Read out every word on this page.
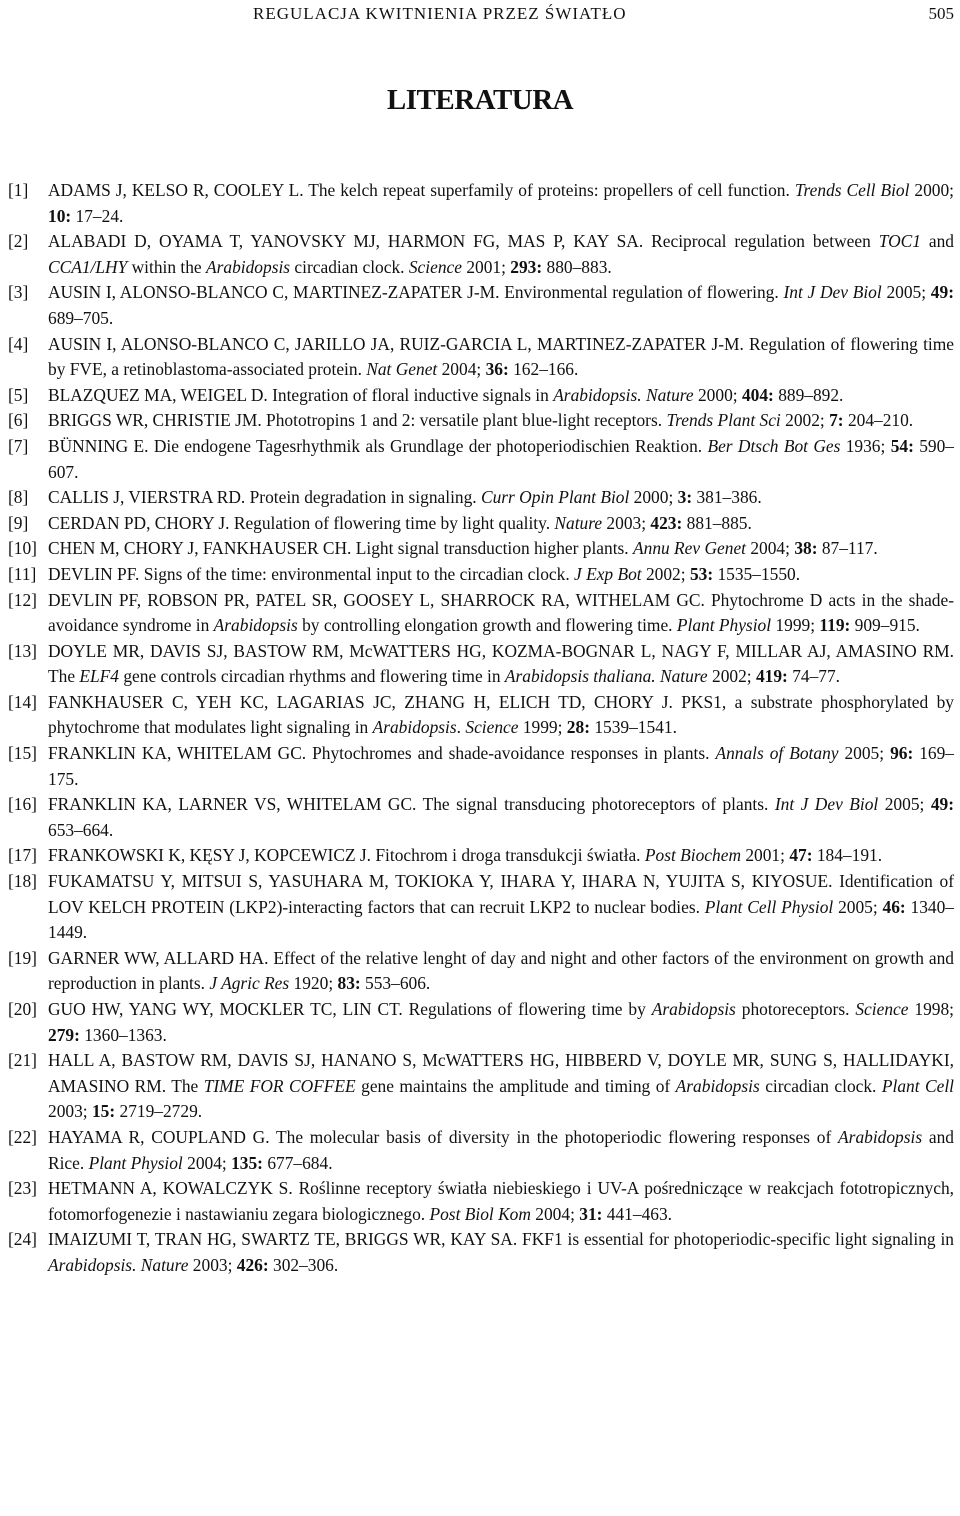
REGULACJA KWITNIENIA PRZEZ ŚWIATŁO	505
LITERATURA
[1] ADAMS J, KELSO R, COOLEY L. The kelch repeat superfamily of proteins: propellers of cell function. Trends Cell Biol 2000; 10: 17–24.
[2] ALABADI D, OYAMA T, YANOVSKY MJ, HARMON FG, MAS P, KAY SA. Reciprocal regulation between TOC1 and CCA1/LHY within the Arabidopsis circadian clock. Science 2001; 293: 880–883.
[3] AUSIN I, ALONSO-BLANCO C, MARTINEZ-ZAPATER J-M. Environmental regulation of flowering. Int J Dev Biol 2005; 49: 689–705.
[4] AUSIN I, ALONSO-BLANCO C, JARILLO JA, RUIZ-GARCIA L, MARTINEZ-ZAPATER J-M. Regulation of flowering time by FVE, a retinoblastoma-associated protein. Nat Genet 2004; 36: 162–166.
[5] BLAZQUEZ MA, WEIGEL D. Integration of floral inductive signals in Arabidopsis. Nature 2000; 404: 889–892.
[6] BRIGGS WR, CHRISTIE JM. Phototropins 1 and 2: versatile plant blue-light receptors. Trends Plant Sci 2002; 7: 204–210.
[7] BÜNNING E. Die endogene Tagesrhythmik als Grundlage der photoperiodischien Reaktion. Ber Dtsch Bot Ges 1936; 54: 590–607.
[8] CALLIS J, VIERSTRA RD. Protein degradation in signaling. Curr Opin Plant Biol 2000; 3: 381–386.
[9] CERDAN PD, CHORY J. Regulation of flowering time by light quality. Nature 2003; 423: 881–885.
[10] CHEN M, CHORY J, FANKHAUSER CH. Light signal transduction higher plants. Annu Rev Genet 2004; 38: 87–117.
[11] DEVLIN PF. Signs of the time: environmental input to the circadian clock. J Exp Bot 2002; 53: 1535–1550.
[12] DEVLIN PF, ROBSON PR, PATEL SR, GOOSEY L, SHARROCK RA, WITHELAM GC. Phytochrome D acts in the shade-avoidance syndrome in Arabidopsis by controlling elongation growth and flowering time. Plant Physiol 1999; 119: 909–915.
[13] DOYLE MR, DAVIS SJ, BASTOW RM, McWATTERS HG, KOZMA-BOGNAR L, NAGY F, MILLAR AJ, AMASINO RM. The ELF4 gene controls circadian rhythms and flowering time in Arabidopsis thaliana. Nature 2002; 419: 74–77.
[14] FANKHAUSER C, YEH KC, LAGARIAS JC, ZHANG H, ELICH TD, CHORY J. PKS1, a substrate phosphorylated by phytochrome that modulates light signaling in Arabidopsis. Science 1999; 28: 1539–1541.
[15] FRANKLIN KA, WHITELAM GC. Phytochromes and shade-avoidance responses in plants. Annals of Botany 2005; 96: 169–175.
[16] FRANKLIN KA, LARNER VS, WHITELAM GC. The signal transducing photoreceptors of plants. Int J Dev Biol 2005; 49: 653–664.
[17] FRANKOWSKI K, KĘSY J, KOPCEWICZ J. Fitochrom i droga transdukcji światła. Post Biochem 2001; 47: 184–191.
[18] FUKAMATSU Y, MITSUI S, YASUHARA M, TOKIOKA Y, IHARA Y, IHARA N, YUJITA S, KIYOSUE. Identification of LOV KELCH PROTEIN (LKP2)-interacting factors that can recruit LKP2 to nuclear bodies. Plant Cell Physiol 2005; 46: 1340–1449.
[19] GARNER WW, ALLARD HA. Effect of the relative lenght of day and night and other factors of the environment on growth and reproduction in plants. J Agric Res 1920; 83: 553–606.
[20] GUO HW, YANG WY, MOCKLER TC, LIN CT. Regulations of flowering time by Arabidopsis photoreceptors. Science 1998; 279: 1360–1363.
[21] HALL A, BASTOW RM, DAVIS SJ, HANANO S, McWATTERS HG, HIBBERD V, DOYLE MR, SUNG S, HALLIDAYKI, AMASINO RM. The TIME FOR COFFEE gene maintains the amplitude and timing of Arabidopsis circadian clock. Plant Cell 2003; 15: 2719–2729.
[22] HAYAMA R, COUPLAND G. The molecular basis of diversity in the photoperiodic flowering responses of Arabidopsis and Rice. Plant Physiol 2004; 135: 677–684.
[23] HETMANN A, KOWALCZYK S. Roślinne receptory światła niebieskiego i UV-A pośredniczące w reakcjach fototropicznych, fotomorfogenezie i nastawianiu zegara biologicznego. Post Biol Kom 2004; 31: 441–463.
[24] IMAIZUMI T, TRAN HG, SWARTZ TE, BRIGGS WR, KAY SA. FKF1 is essential for photoperiodic-specific light signaling in Arabidopsis. Nature 2003; 426: 302–306.
